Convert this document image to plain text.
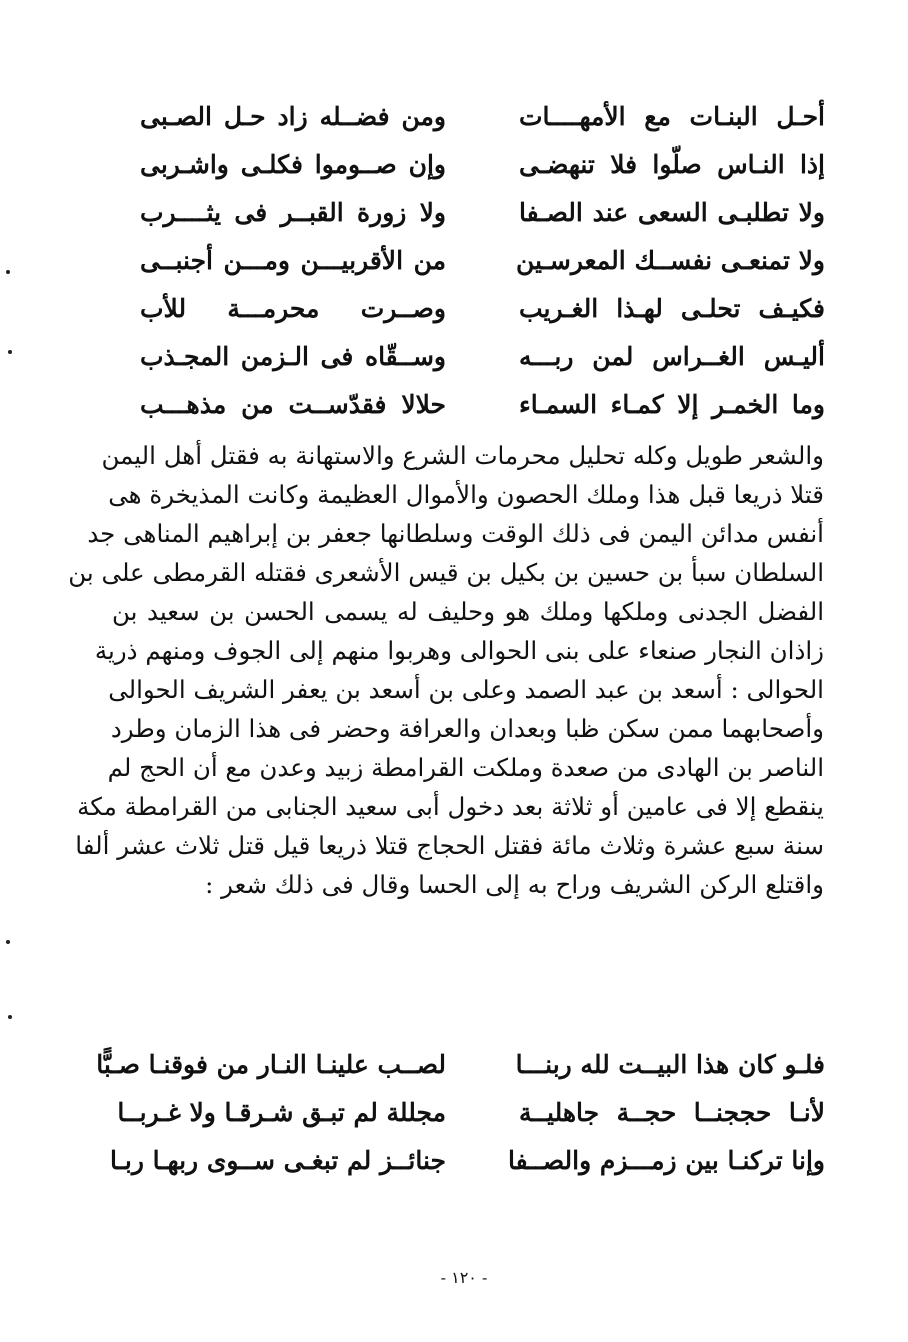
أحـل البنـات مع الأمهــــات
ومن فضــله زاد حـل الصـبى
إذا النـاس صلّوا فلا تنهضـى
وإن صــوموا فكلـى واشـربى
ولا تطلبـى السعى عند الصـفا
ولا زورة القبــر فى يثــــرب
ولا تمنعـى نفســك المعرسـين
من الأقربيـــن ومـــن أجنبــى
فكيـف تحلـى لهـذا الغـريب
وصــرت محرمـــة للأب
أليـس الغــراس لمن ربـــه
وســقّاه فى الـزمن المجـذب
وما الخمـر إلا كمـاء السمـاء
حلالا فقدّســت من مذهـــب
والشعر طويل وكله تحليل محرمات الشرع والاستهانة به فقتل أهل اليمن
قتلا ذريعا قبل هذا وملك الحصون والأموال العظيمة وكانت المذيخرة هى
أنفس مدائن اليمن فى ذلك الوقت وسلطانها جعفر بن إبراهيم المناهى جد
السلطان سبأ بن حسين بن بكيل بن قيس الأشعرى فقتله القرمطى على بن
الفضل الجدنى وملكها وملك هو وحليف له يسمى الحسن بن سعيد بن
زاذان النجار صنعاء على بنى الحوالى وهربوا منهم إلى الجوف ومنهم ذرية
الحوالى : أسعد بن عبد الصمد وعلى بن أسعد بن يعفر الشريف الحوالى
وأصحابهما ممن سكن ظبا وبعدان والعرافة وحضر فى هذا الزمان وطرد
الناصر بن الهادى من صعدة وملكت القرامطة زبيد وعدن مع أن الحج لم
ينقطع إلا فى عامين أو ثلاثة بعد دخول أبى سعيد الجنابى من القرامطة مكة
سنة سبع عشرة وثلاث مائة فقتل الحجاج قتلا ذريعا قيل قتل ثلاث عشر ألفا
واقتلع الركن الشريف وراح به إلى الحسا وقال فى ذلك شعر :
فلـو كان هذا البيــت لله ربنـــا
لصــب علينـا النـار من فوقنـا صـبًّا
لأنـا حججنــا حجــة جاهليــة
مجللة لم تبـق شـرقـا ولا غـربــا
وإنا تركنـا بين زمـــزم والصــفا
جنائــز لم تبغـى ســوى ربهـا ربـا
- ١٢٠ -
